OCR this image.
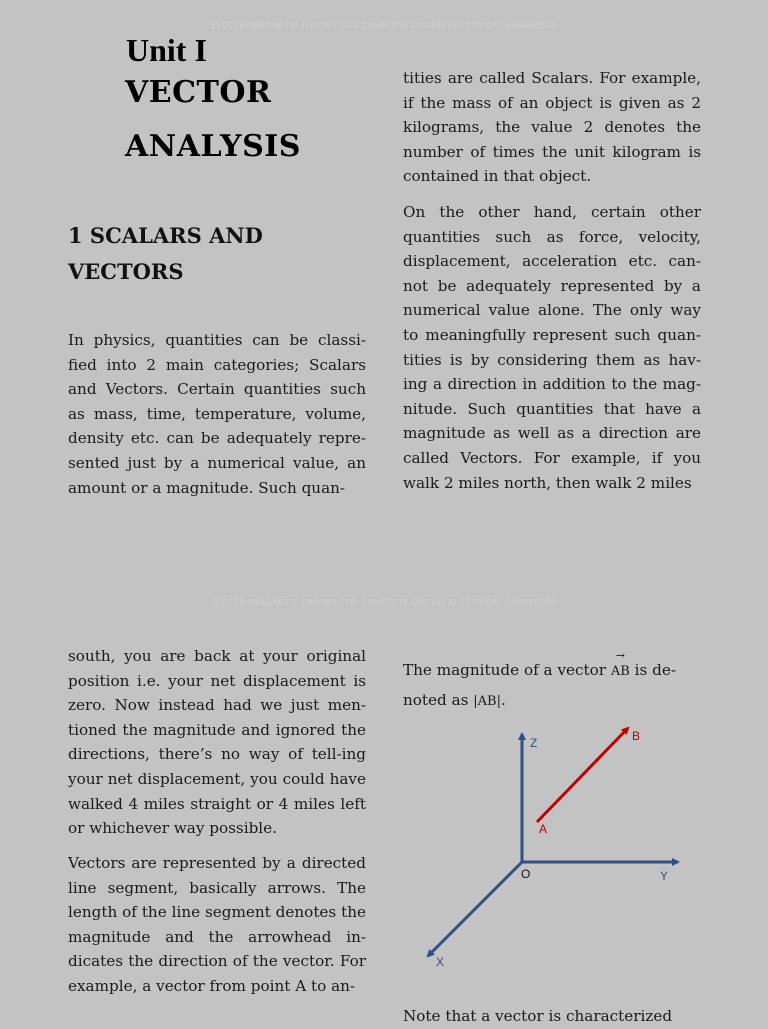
ELECTROMAGNETIC THEORY FOR COMPLETE DIGITAL ELECTRICAL ENGINEERS
ELECTROMAGNETIC THEORY FOR COMPLETE DIGITAL ELECTRICAL ENGINEERS
Unit I
VECTOR
ANALYSIS
1 SCALARS AND
VECTORS
In physics, quantities can be classi-fied into 2 main categories; Scalars and Vectors. Certain quantities such as mass, time, temperature, volume, density etc. can be adequately repre-sented just by a numerical value, an amount or a magnitude. Such quan-
tities are called Scalars. For example, if the mass of an object is given as 2 kilograms, the value 2 denotes the number of times the unit kilogram is contained in that object.
On the other hand, certain other quantities such as force, velocity, displacement, acceleration etc. can-not be adequately represented by a numerical value alone. The only way to meaningfully represent such quan-tities is by considering them as hav-ing a direction in addition to the mag-nitude. Such quantities that have a magnitude as well as a direction are called Vectors. For example, if you walk 2 miles north, then walk 2 miles
south, you are back at your original position i.e. your net displacement is zero. Now instead had we just men-tioned the magnitude and ignored the directions, there’s no way of tell-ing your net displacement, you could have walked 4 miles straight or 4 miles left or whichever way possible.
Vectors are represented by a directed line segment, basically arrows. The length of the line segment denotes the magnitude and the arrowhead in-dicates the direction of the vector. For example, a vector from point A to an-
The magnitude of a vector
→
AB is de-noted as |AB|.
Z
Y
X
O
A
B
Note that a vector is characterized
